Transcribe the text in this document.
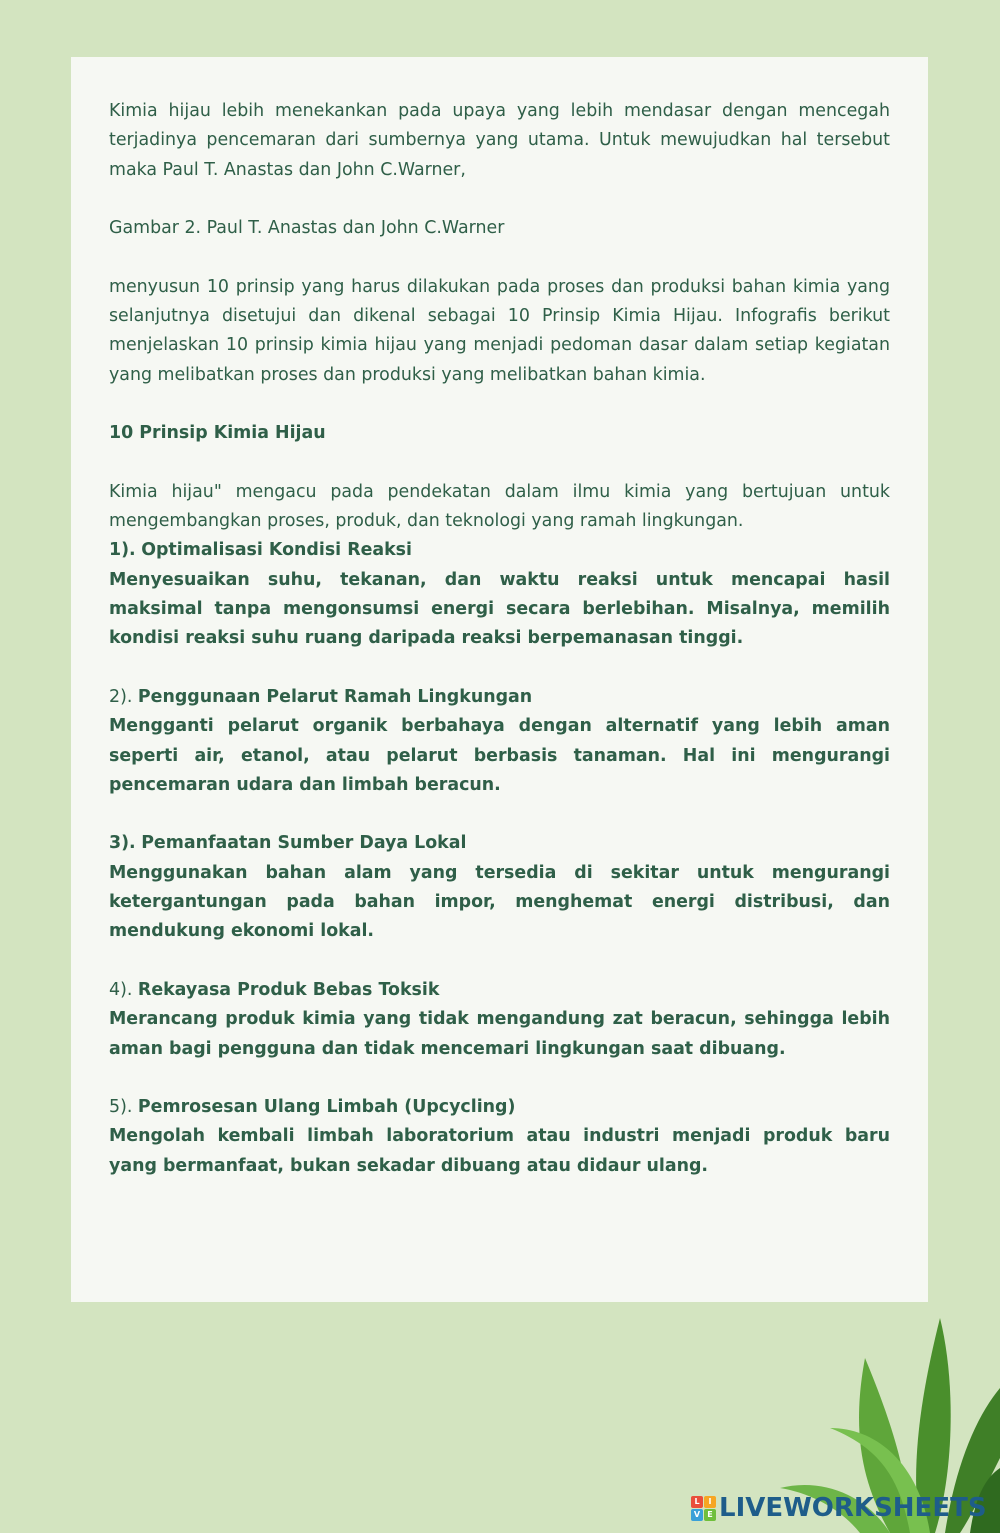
Kimia hijau lebih menekankan pada upaya yang lebih mendasar dengan mencegah terjadinya pencemaran dari sumbernya yang utama. Untuk mewujudkan hal tersebut maka Paul T. Anastas dan John C.Warner,

Gambar 2. Paul T. Anastas dan John C.Warner

menyusun 10 prinsip yang harus dilakukan pada proses dan produksi bahan kimia yang selanjutnya disetujui dan dikenal sebagai 10 Prinsip Kimia Hijau. Infografis berikut menjelaskan 10 prinsip kimia hijau yang menjadi pedoman dasar dalam setiap kegiatan yang melibatkan proses dan produksi yang melibatkan bahan kimia.

10 Prinsip Kimia Hijau

Kimia hijau" mengacu pada pendekatan dalam ilmu kimia yang bertujuan untuk mengembangkan proses, produk, dan teknologi yang ramah lingkungan.

1). Optimalisasi Kondisi Reaksi

Menyesuaikan suhu, tekanan, dan waktu reaksi untuk mencapai hasil maksimal tanpa mengonsumsi energi secara berlebihan. Misalnya, memilih kondisi reaksi suhu ruang daripada reaksi berpemanasan tinggi.

2). Penggunaan Pelarut Ramah Lingkungan

Mengganti pelarut organik berbahaya dengan alternatif yang lebih aman seperti air, etanol, atau pelarut berbasis tanaman. Hal ini mengurangi pencemaran udara dan limbah beracun.

3). Pemanfaatan Sumber Daya Lokal

Menggunakan bahan alam yang tersedia di sekitar untuk mengurangi ketergantungan pada bahan impor, menghemat energi distribusi, dan mendukung ekonomi lokal.

4). Rekayasa Produk Bebas Toksik

Merancang produk kimia yang tidak mengandung zat beracun, sehingga lebih aman bagi pengguna dan tidak mencemari lingkungan saat dibuang.

5). Pemrosesan Ulang Limbah (Upcycling)

Mengolah kembali limbah laboratorium atau industri menjadi produk baru yang bermanfaat, bukan sekadar dibuang atau didaur ulang.

L	I
V E LIVEWORKSHEETS
